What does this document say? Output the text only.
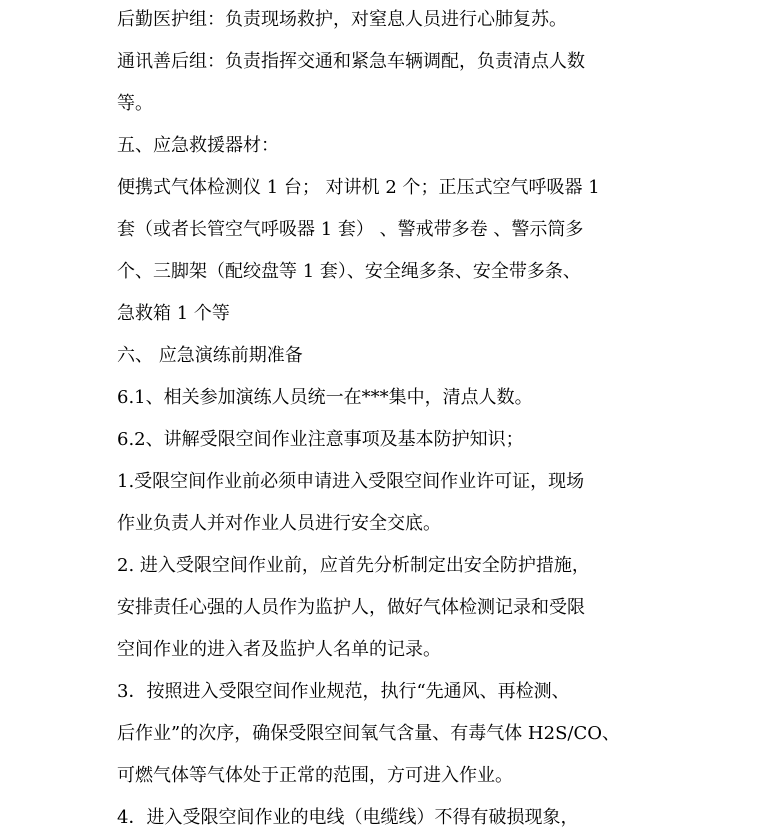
后勤医护组：负责现场救护，对窒息人员进行心肺复苏。
通讯善后组：负责指挥交通和紧急车辆调配，负责清点人数
等。
五、应急救援器材：
便携式气体检测仪 1 台； 对讲机 2 个；正压式空气呼吸器 1
套（或者长管空气呼吸器 1 套） 、警戒带多卷 、警示筒多
个、三脚架（配绞盘等 1 套）、安全绳多条、安全带多条、
急救箱 1 个等
六、 应急演练前期准备
6.1、相关参加演练人员统一在***集中，清点人数。
6.2、讲解受限空间作业注意事项及基本防护知识；
1.受限空间作业前必须申请进入受限空间作业许可证，现场
作业负责人并对作业人员进行安全交底。
2. 进入受限空间作业前，应首先分析制定出安全防护措施，
安排责任心强的人员作为监护人，做好气体检测记录和受限
空间作业的进入者及监护人名单的记录。
3．按照进入受限空间作业规范，执行“先通风、再检测、
后作业”的次序，确保受限空间氧气含量、有毒气体 H2S/CO、
可燃气体等气体处于正常的范围，方可进入作业。
4．进入受限空间作业的电线（电缆线）不得有破损现象，
